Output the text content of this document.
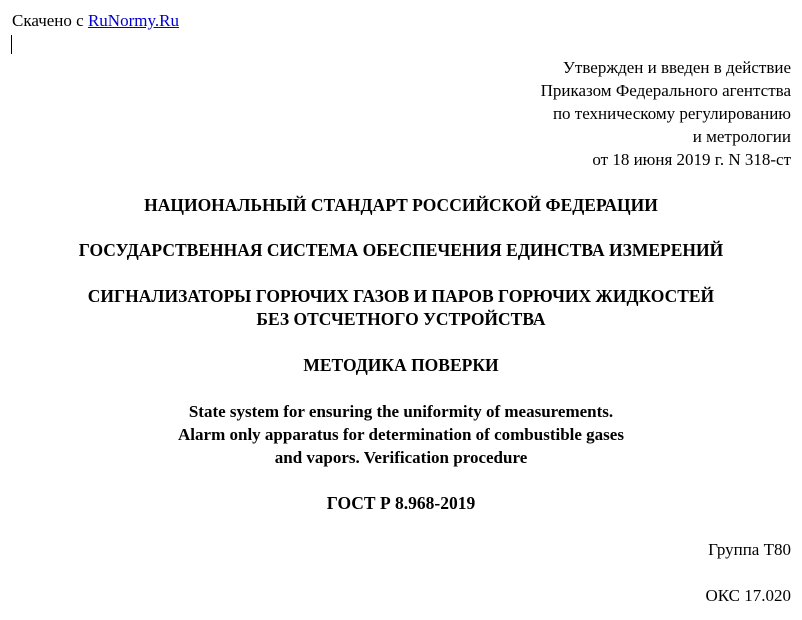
Скачено с RuNormy.Ru
Утвержден и введен в действие
Приказом Федерального агентства
по техническому регулированию
и метрологии
от 18 июня 2019 г. N 318-ст
НАЦИОНАЛЬНЫЙ СТАНДАРТ РОССИЙСКОЙ ФЕДЕРАЦИИ
ГОСУДАРСТВЕННАЯ СИСТЕМА ОБЕСПЕЧЕНИЯ ЕДИНСТВА ИЗМЕРЕНИЙ
СИГНАЛИЗАТОРЫ ГОРЮЧИХ ГАЗОВ И ПАРОВ ГОРЮЧИХ ЖИДКОСТЕЙ
БЕЗ ОТСЧЕТНОГО УСТРОЙСТВА
МЕТОДИКА ПОВЕРКИ
State system for ensuring the uniformity of measurements.
Alarm only apparatus for determination of combustible gases
and vapors. Verification procedure
ГОСТ Р 8.968-2019
Группа Т80
ОКС 17.020
